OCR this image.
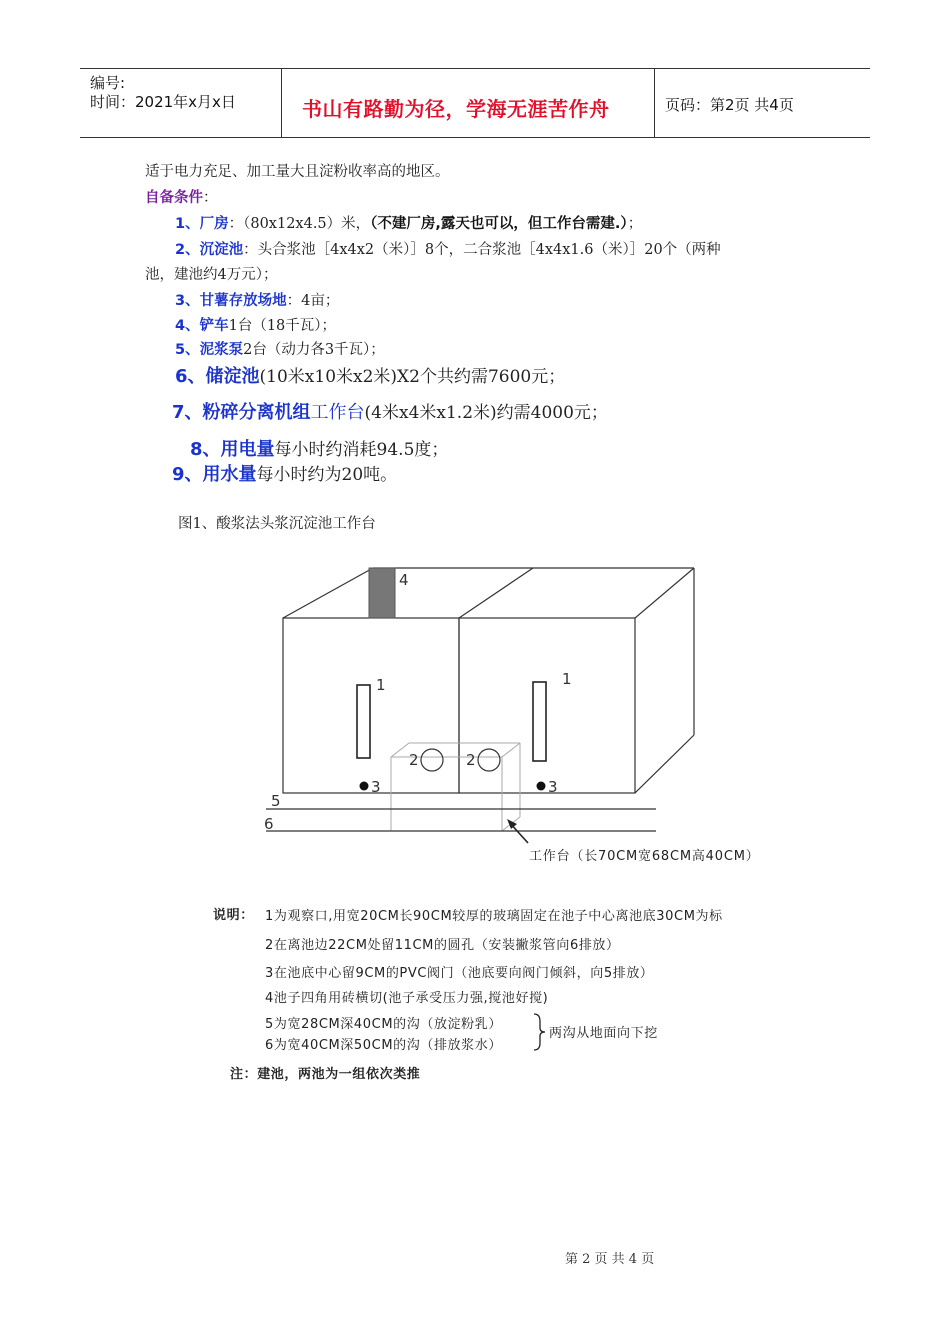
编号:
时间：2021年x月x日	书山有路勤为径，学海无涯苦作舟	页码：第2页 共4页
适于电力充足、加工量大且淀粉收率高的地区。
自备条件：
1、厂房：（80x12x4.5）米，（不建厂房,露天也可以，但工作台需建.）；
2、沉淀池：头合浆池［4x4x2（米）］8个，二合浆池［4x4x1.6（米）］20个（两种
池，建池约4万元）；
3、甘薯存放场地：4亩；
4、铲车1台（18千瓦）；
5、泥浆泵2台（动力各3千瓦）；
6、储淀池(10米x10米x2米)X2个共约需7600元；
7、粉碎分离机组工作台(4米x4米x1.2米)约需4000元；
8、用电量每小时约消耗94.5度；
9、用水量每小时约为20吨。
图1、酸浆法头浆沉淀池工作台
4
1	1
2	2
3	3
5
6
工作台（长70CM宽68CM高40CM）
说明： 1为观察口,用宽20CM长90CM较厚的玻璃固定在池子中心离池底30CM为标
2在离池边22CM处留11CM的圆孔（安装撇浆管向6排放）
3在池底中心留9CM的PVC阀门（池底要向阀门倾斜，向5排放）
4池子四角用砖横切(池子承受压力强,搅池好搅)
5为宽28CM深40CM的沟（放淀粉乳）
6为宽40CM深50CM的沟（排放浆水）
两沟从地面向下挖
注：建池，两池为一组依次类推
第 2 页 共 4 页
